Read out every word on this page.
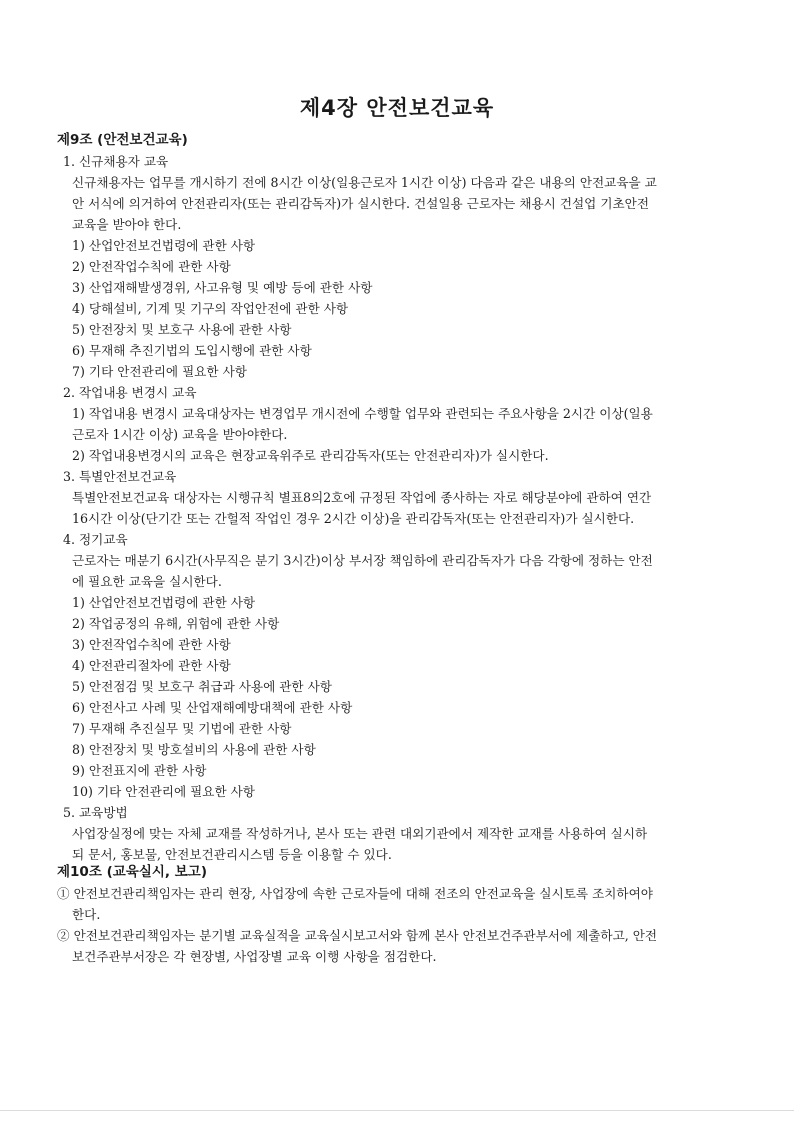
제4장 안전보건교육

제9조 (안전보건교육)

1. 신규채용자 교육

신규채용자는 업무를 개시하기 전에 8시간 이상(일용근로자 1시간 이상) 다음과 같은 내용의 안전교육을 교

안 서식에 의거하여 안전관리자(또는 관리감독자)가 실시한다. 건설일용 근로자는 채용시 건설업 기초안전

교육을 받아야 한다.

1) 산업안전보건법령에 관한 사항

2) 안전작업수칙에 관한 사항

3) 산업재해발생경위, 사고유형 및 예방 등에 관한 사항

4) 당해설비, 기계 및 기구의 작업안전에 관한 사항

5) 안전장치 및 보호구 사용에 관한 사항

6) 무재해 추진기법의 도입시행에 관한 사항

7) 기타 안전관리에 필요한 사항

2. 작업내용 변경시 교육

1) 작업내용 변경시 교육대상자는 변경업무 개시전에 수행할 업무와 관련되는 주요사항을 2시간 이상(일용

근로자 1시간 이상) 교육을 받아야한다.

2) 작업내용변경시의 교육은 현장교육위주로 관리감독자(또는 안전관리자)가 실시한다.

3. 특별안전보건교육

특별안전보건교육 대상자는 시행규칙 별표8의2호에 규정된 작업에 종사하는 자로 해당분야에 관하여 연간

16시간 이상(단기간 또는 간헐적 작업인 경우 2시간 이상)을 관리감독자(또는 안전관리자)가 실시한다.

4. 정기교육

근로자는 매분기 6시간(사무직은 분기 3시간)이상 부서장 책임하에 관리감독자가 다음 각항에 정하는 안전

에 필요한 교육을 실시한다.

1) 산업안전보건법령에 관한 사항

2) 작업공정의 유해, 위험에 관한 사항

3) 안전작업수칙에 관한 사항

4) 안전관리절차에 관한 사항

5) 안전점검 및 보호구 취급과 사용에 관한 사항

6) 안전사고 사례 및 산업재해예방대책에 관한 사항

7) 무재해 추진실무 및 기법에 관한 사항

8) 안전장치 및 방호설비의 사용에 관한 사항

9) 안전표지에 관한 사항

10) 기타 안전관리에 필요한 사항

5. 교육방법

사업장실정에 맞는 자체 교재를 작성하거나, 본사 또는 관련 대외기관에서 제작한 교재를 사용하여 실시하

되 문서, 홍보물, 안전보건관리시스템 등을 이용할 수 있다.

제10조 (교육실시, 보고)

① 안전보건관리책임자는 관리 현장, 사업장에 속한 근로자들에 대해 전조의 안전교육을 실시토록 조치하여야

한다.

② 안전보건관리책임자는 분기별 교육실적을 교육실시보고서와 함께 본사 안전보건주관부서에 제출하고, 안전

보건주관부서장은 각 현장별, 사업장별 교육 이행 사항을 점검한다.
